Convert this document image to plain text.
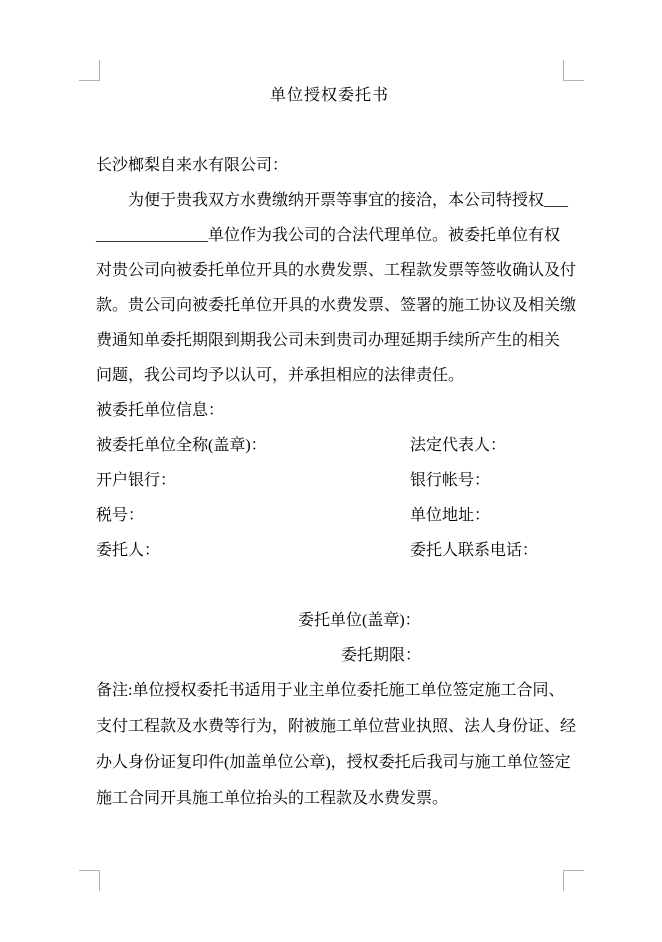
单位授权委托书
长沙榔梨自来水有限公司：
为便于贵我双方水费缴纳开票等事宜的接洽，本公司特授权___
______________单位作为我公司的合法代理单位。被委托单位有权
对贵公司向被委托单位开具的水费发票、工程款发票等签收确认及付
款。贵公司向被委托单位开具的水费发票、签署的施工协议及相关缴
费通知单委托期限到期我公司未到贵司办理延期手续所产生的相关
问题，我公司均予以认可，并承担相应的法律责任。
被委托单位信息：
被委托单位全称(盖章)：	法定代表人：
开户银行：	银行帐号：
税号：	单位地址：
委托人：	委托人联系电话：
委托单位(盖章)：
委托期限：
备注:单位授权委托书适用于业主单位委托施工单位签定施工合同、
支付工程款及水费等行为，附被施工单位营业执照、法人身份证、经
办人身份证复印件(加盖单位公章)，授权委托后我司与施工单位签定
施工合同开具施工单位抬头的工程款及水费发票。
